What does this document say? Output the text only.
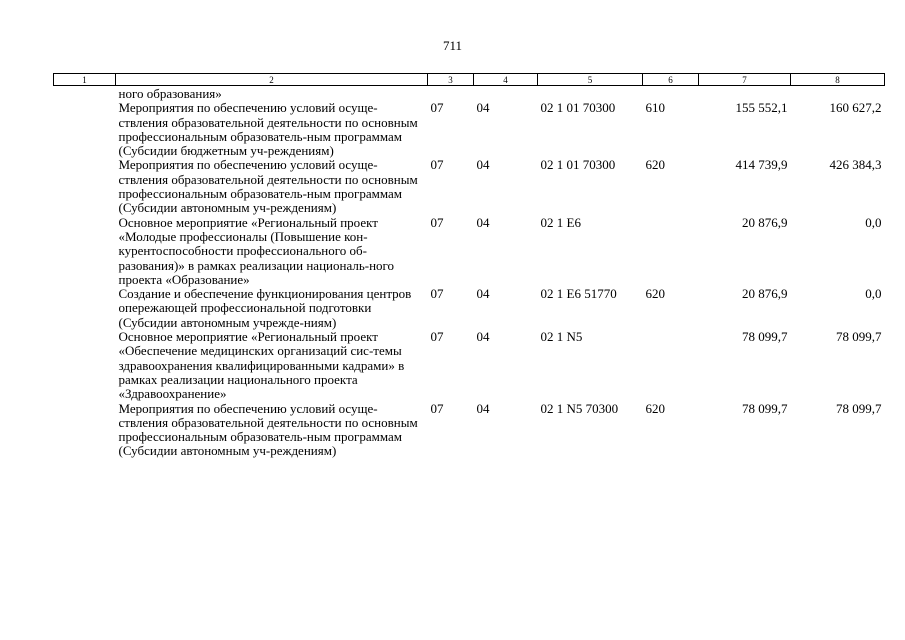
711
1	2	3	4	5	6	7	8
	ного образования»						
	Мероприятия по обеспечению условий осуще-ствления образовательной деятельности по основным профессиональным образователь-ным программам (Субсидии бюджетным уч-реждениям)	07	04	02 1 01 70300	610	155 552,1	160 627,2
	Мероприятия по обеспечению условий осуще-ствления образовательной деятельности по основным профессиональным образователь-ным программам (Субсидии автономным уч-реждениям)	07	04	02 1 01 70300	620	414 739,9	426 384,3
	Основное мероприятие «Региональный проект «Молодые профессионалы (Повышение кон-курентоспособности профессионального об-разования)» в рамках реализации националь-ного проекта «Образование»	07	04	02 1 E6		20 876,9	0,0
	Создание и обеспечение функционирования центров опережающей профессиональной подготовки (Субсидии автономным учрежде-ниям)	07	04	02 1 E6 51770	620	20 876,9	0,0
	Основное мероприятие «Региональный проект «Обеспечение медицинских организаций сис-темы здравоохранения квалифицированными кадрами» в рамках реализации национального проекта «Здравоохранение»	07	04	02 1 N5		78 099,7	78 099,7
	Мероприятия по обеспечению условий осуще-ствления образовательной деятельности по основным профессиональным образователь-ным программам (Субсидии автономным уч-реждениям)	07	04	02 1 N5 70300	620	78 099,7	78 099,7
